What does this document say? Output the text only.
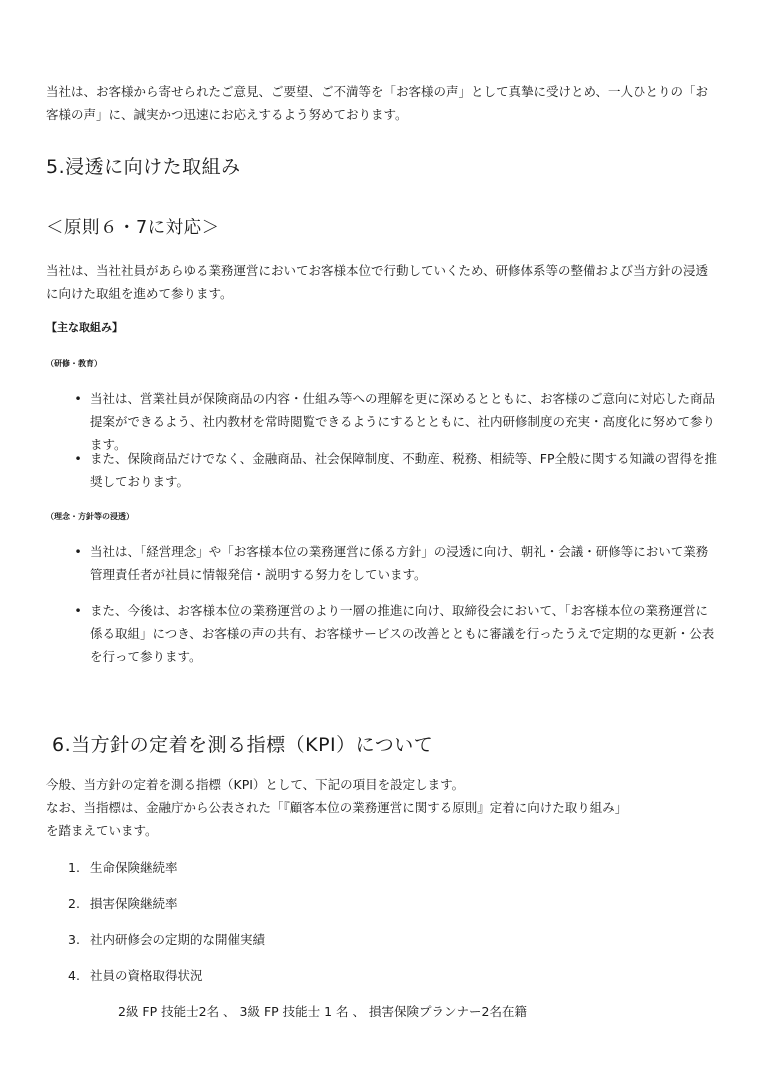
当社は、お客様から寄せられたご意見、ご要望、ご不満等を「お客様の声」として真摯に受けとめ、一人ひとりの「お客様の声」に、誠実かつ迅速にお応えするよう努めております。

5.浸透に向けた取組み
＜原則６・7に対応＞

当社は、当社社員があらゆる業務運営においてお客様本位で行動していくため、研修体系等の整備および当方針の浸透に向けた取組を進めて参ります。

【主な取組み】

（研修・教育）

• 当社は、営業社員が保険商品の内容・仕組み等への理解を更に深めるとともに、お客様のご意向に対応した商品提案ができるよう、社内教材を常時閲覧できるようにするとともに、社内研修制度の充実・高度化に努めて参ります。
• また、保険商品だけでなく、金融商品、社会保障制度、不動産、税務、相続等、FP全般に関する知識の習得を推奨しております。

（理念・方針等の浸透）

• 当社は、「経営理念」や「お客様本位の業務運営に係る方針」の浸透に向け、朝礼・会議・研修等において業務管理責任者が社員に情報発信・説明する努力をしています。
• また、今後は、お客様本位の業務運営のより一層の推進に向け、取締役会において、「お客様本位の業務運営に係る取組」につき、お客様の声の共有、お客様サービスの改善とともに審議を行ったうえで定期的な更新・公表を行って参ります。
6.当方針の定着を測る指標（KPI）について

今般、当方針の定着を測る指標（KPI）として、下記の項目を設定します。

なお、当指標は、金融庁から公表された「『顧客本位の業務運営に関する原則』定着に向けた取り組み」

を踏まえています。

1. 生命保険継続率
2. 損害保険継続率
3. 社内研修会の定期的な開催実績
4. 社員の資格取得状況
2級 FP 技能士2名 、 3級 FP 技能士 1 名 、 損害保険プランナー2名在籍
